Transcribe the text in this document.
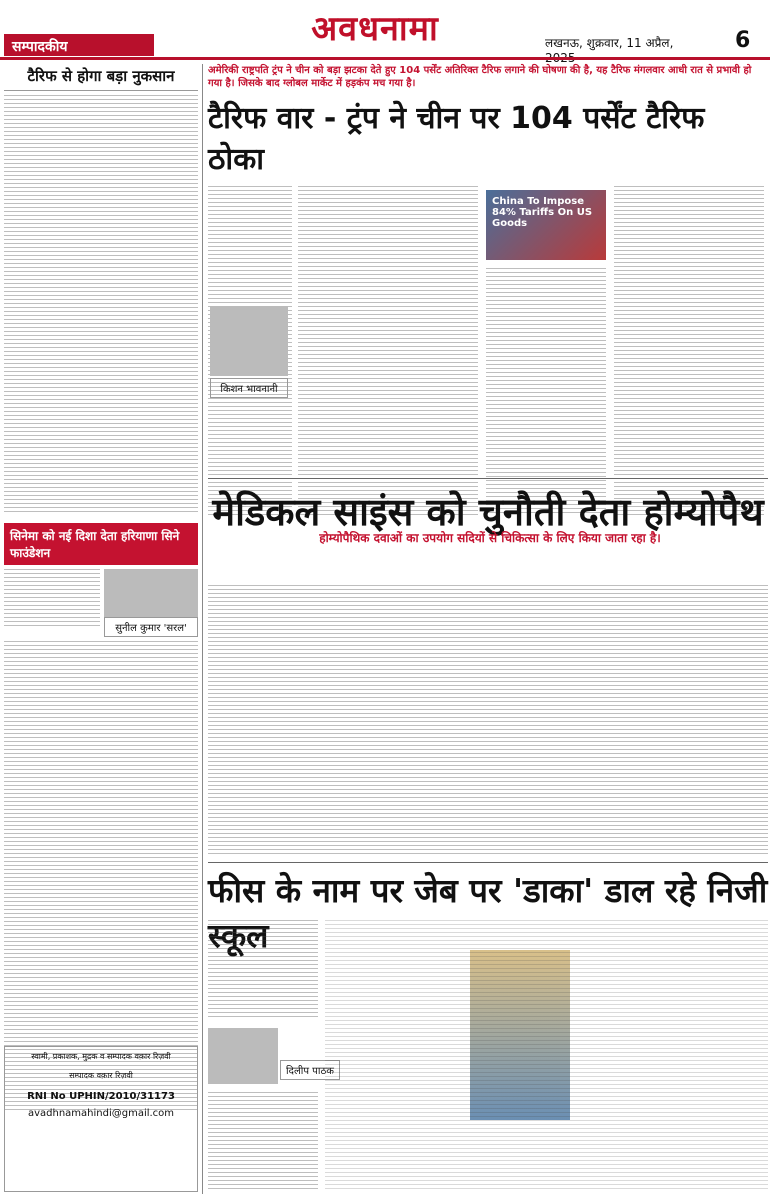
सम्पादकीय	अवधनामा	लखनऊ, शुक्रवार, 11 अप्रैल,	6
टैरिफ से होगा बड़ा नुकसान
सिनेमा को नई दिशा देता हरियाणा सिने फाउंडेशन
सुनील कुमार 'सरल'
अमेरिकी राष्ट्रपति ट्रंप ने चीन को बड़ा झटका देते हुए 104 पर्सेंट अतिरिक्त टैरिफ लगाने की घोषणा की है, यह टैरिफ मंगलवार आधी रात से प्रभावी हो गया है। जिसके बाद ग्लोबल मार्केट में हड़कंप मच गया है।
टैरिफ वार - ट्रंप ने चीन पर 104 पर्सेंट टैरिफ ठोका
किशन भावनानी
China To Impose 84% Tariffs On US Goods
मेडिकल साइंस को चुनौती देता होम्योपैथ
होम्योपैथिक दवाओं का उपयोग सदियों से चिकित्सा के लिए किया जाता रहा है।
फीस के नाम पर जेब पर 'डाका' डाल रहे निजी स्कूल
दिलीप पाठक
स्वामी, प्रकाशक, मुद्रक व सम्पादक वक़ार रिज़वी
सम्पादक वक़ार रिज़वी
RNI No UPHIN/2010/31173
avadhnamahindi@gmail.com
